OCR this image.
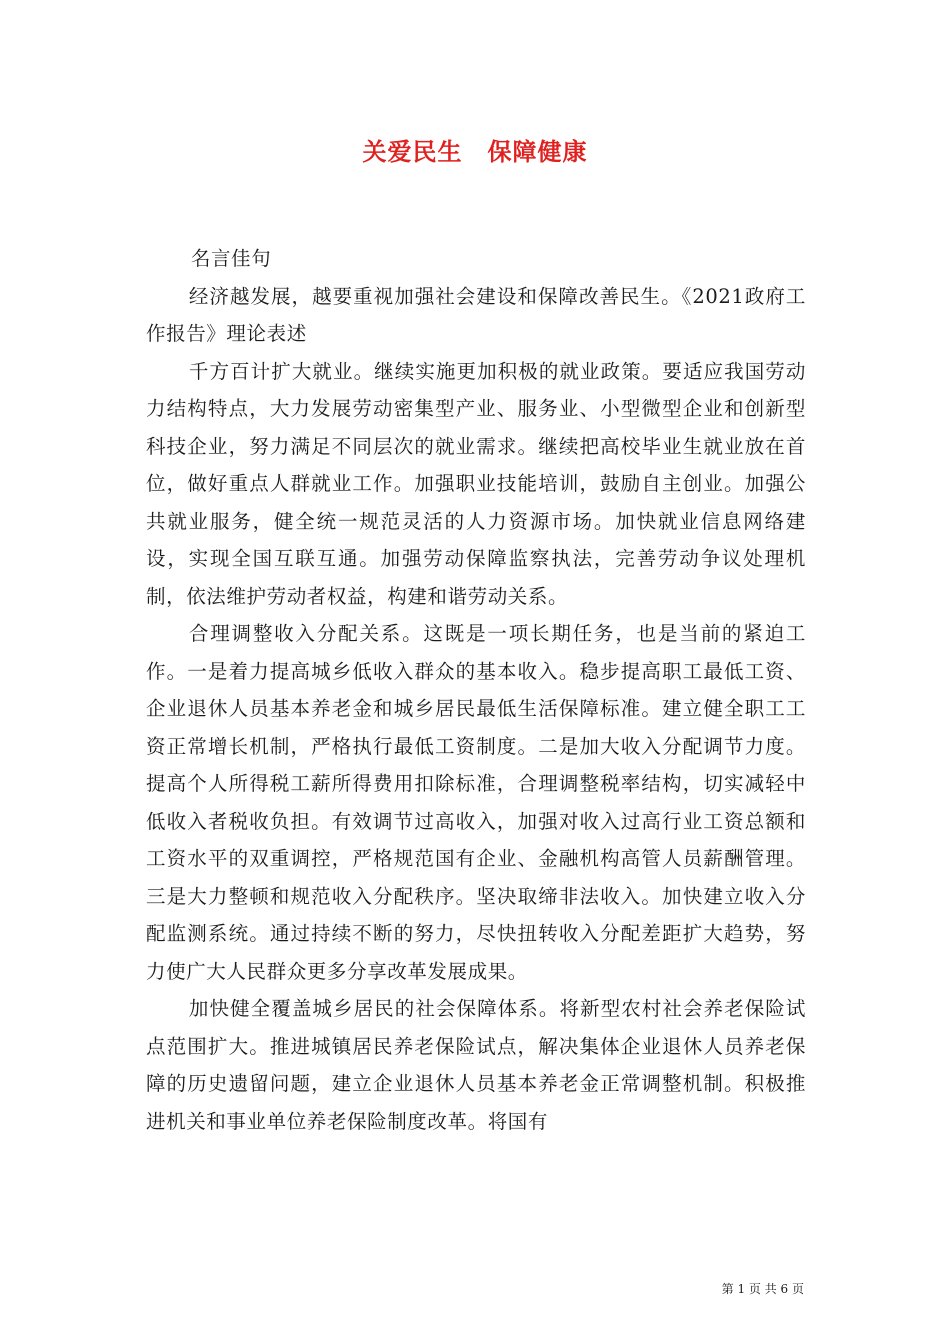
关爱民生　保障健康

名言佳句

经济越发展，越要重视加强社会建设和保障改善民生。《2021政府工作报告》理论表述

千方百计扩大就业。继续实施更加积极的就业政策。要适应我国劳动力结构特点，大力发展劳动密集型产业、服务业、小型微型企业和创新型科技企业，努力满足不同层次的就业需求。继续把高校毕业生就业放在首位，做好重点人群就业工作。加强职业技能培训，鼓励自主创业。加强公共就业服务，健全统一规范灵活的人力资源市场。加快就业信息网络建设，实现全国互联互通。加强劳动保障监察执法，完善劳动争议处理机制，依法维护劳动者权益，构建和谐劳动关系。

合理调整收入分配关系。这既是一项长期任务，也是当前的紧迫工作。一是着力提高城乡低收入群众的基本收入。稳步提高职工最低工资、企业退休人员基本养老金和城乡居民最低生活保障标准。建立健全职工工资正常增长机制，严格执行最低工资制度。二是加大收入分配调节力度。提高个人所得税工薪所得费用扣除标准，合理调整税率结构，切实减轻中低收入者税收负担。有效调节过高收入，加强对收入过高行业工资总额和工资水平的双重调控，严格规范国有企业、金融机构高管人员薪酬管理。三是大力整顿和规范收入分配秩序。坚决取缔非法收入。加快建立收入分配监测系统。通过持续不断的努力，尽快扭转收入分配差距扩大趋势，努力使广大人民群众更多分享改革发展成果。

加快健全覆盖城乡居民的社会保障体系。将新型农村社会养老保险试点范围扩大。推进城镇居民养老保险试点，解决集体企业退休人员养老保障的历史遗留问题，建立企业退休人员基本养老金正常调整机制。积极推进机关和事业单位养老保险制度改革。将国有

第 1 页 共 6 页
